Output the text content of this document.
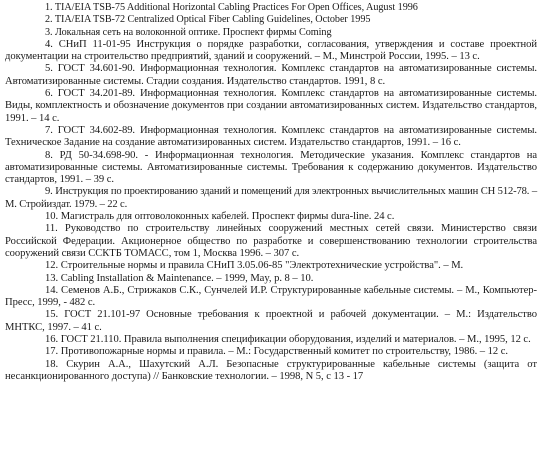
1. TIA/EIA TSB-75 Additional Horizontal Cabling Practices For Open Offices, August 1996
2. TIA/EIA TSB-72 Centralized Optical Fiber Cabling Guidelines, October 1995
3. Локальная сеть на волоконной оптике. Проспект фирмы Coming
4. СНиП 11-01-95 Инструкция о порядке разработки, согласования, утверждения и составе проектной документации на строительство предприятий, зданий и сооружений. – М., Минстрой России, 1995. – 13 с.
5. ГОСТ 34.601-90. Информационная технология. Комплекс стандартов на автоматизированные системы. Автоматизированные системы. Стадии создания. Издательство стандартов. 1991, 8 с.
6. ГОСТ 34.201-89. Информационная технология. Комплекс стандартов на автоматизированные системы. Виды, комплектность и обозначение документов при создании автоматизированных систем. Издательство стандартов, 1991. – 14 с.
7. ГОСТ 34.602-89. Информационная технология. Комплекс стандартов на автоматизированные системы. Техническое Задание на создание автоматизированных систем. Издательство стандартов, 1991. – 16 с.
8. РД 50-34.698-90. - Информационная технология. Методические указания. Комплекс стандартов на автоматизированные системы. Автоматизированные системы. Требования к содержанию документов. Издательство стандартов, 1991. – 39 с.
9. Инструкция по проектированию зданий и помещений для электронных вычислительных машин СН 512-78. – М. Стройиздат. 1979. – 22 с.
10. Магистраль для оптоволоконных кабелей. Проспект фирмы dura-line. 24 с.
11. Руководство по строительству линейных сооружений местных сетей связи. Министерство связи Российской Федерации. Акционерное общество по разработке и совершенствованию технологии строительства сооружений связи ССКТБ ТОМАСС, том 1, Москва 1996. – 307 с.
12. Строительные нормы и правила СНиП 3.05.06-85 "Электротехнические устройства". – М.
13. Cabling Installation & Maintenance. – 1999, May, p. 8 – 10.
14. Семенов А.Б., Стрижаков С.К., Сунчелей И.Р. Структурированные кабельные системы. – М., Компьютер-Пресс, 1999, - 482 с.
15. ГОСТ 21.101-97 Основные требования к проектной и рабочей документации. – М.: Издательство МНТКС, 1997. – 41 с.
16. ГОСТ 21.110. Правила выполнения спецификации оборудования, изделий и материалов. – М., 1995, 12 с.
17. Противопожарные нормы и правила. – М.: Государственный комитет по строительству, 1986. – 12 с.
18. Скурин А.А., Шахутский А.Л. Безопасные структурированные кабельные системы (защита от несанкционированного доступа) // Банковские технологии. – 1998, N 5, с 13 - 17
